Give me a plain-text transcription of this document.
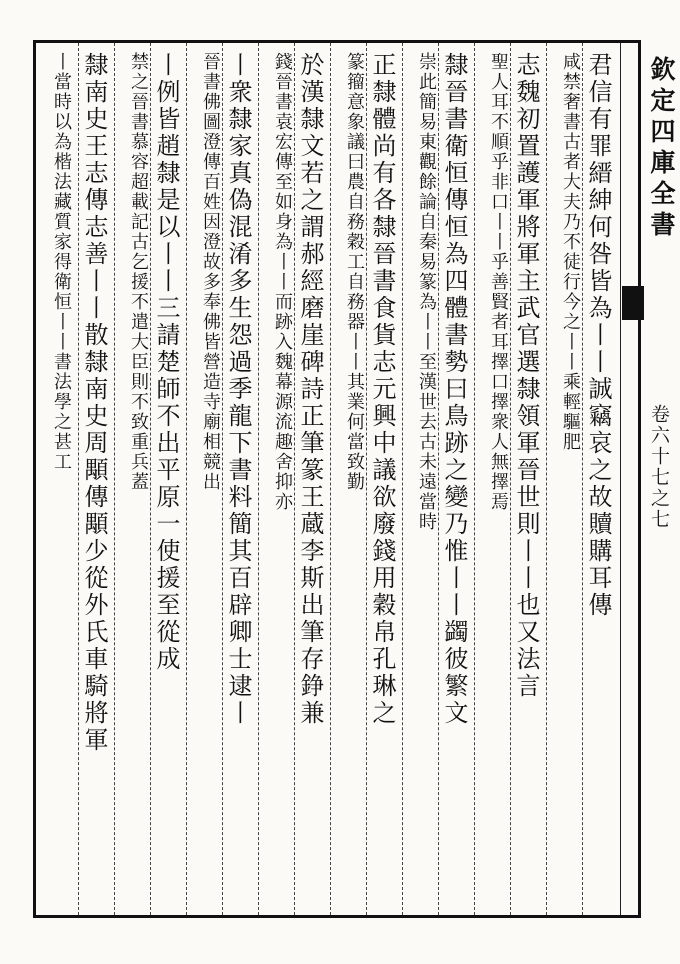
欽定四庫全書
卷六十七之七
君信有罪縉紳何咎皆為丨丨誠竊哀之故贖購耳傳
咸禁奢書古者大夫乃不徒行今之丨丨乘輕驅肥
志魏初置護軍將軍主武官選隸領軍晉世則丨丨也又法言
聖人耳不順乎非口丨丨乎善賢者耳擇口擇衆人無擇焉
隸晉書衛恒傳恒為四體書勢曰鳥跡之變乃惟丨丨蠲彼繁文
崇此簡易東觀餘論自秦易篆為丨丨至漢世去古未遠當時
正隸體尚有各隸晉書食貨志元興中議欲廢錢用穀帛孔琳之
篆籀意象議曰農自務穀工自務器丨丨其業何當致勤
於漢隸文若之謂郝經磨崖碑詩正筆篆王蔵李斯出筆存錚兼
錢晉書袁宏傳至如身為丨丨而跡入魏幕源流趣舍抑亦
丨衆隸家真偽混淆多生怨過季龍下書料簡其百辟卿士逮丨
晉書佛圖澄傳百姓因澄故多奉佛皆營造寺廟相競出
丨例皆趙隸是以丨丨三請楚師不出平原一使援至從成
禁之晉書慕容超載記古乞援不遣大臣則不致重兵蓋
隸南史王志傳志善丨丨散隸南史周顒傳顒少從外氏車騎將軍
丨當時以為楷法藏質家得衛恒丨丨書法學之甚工
